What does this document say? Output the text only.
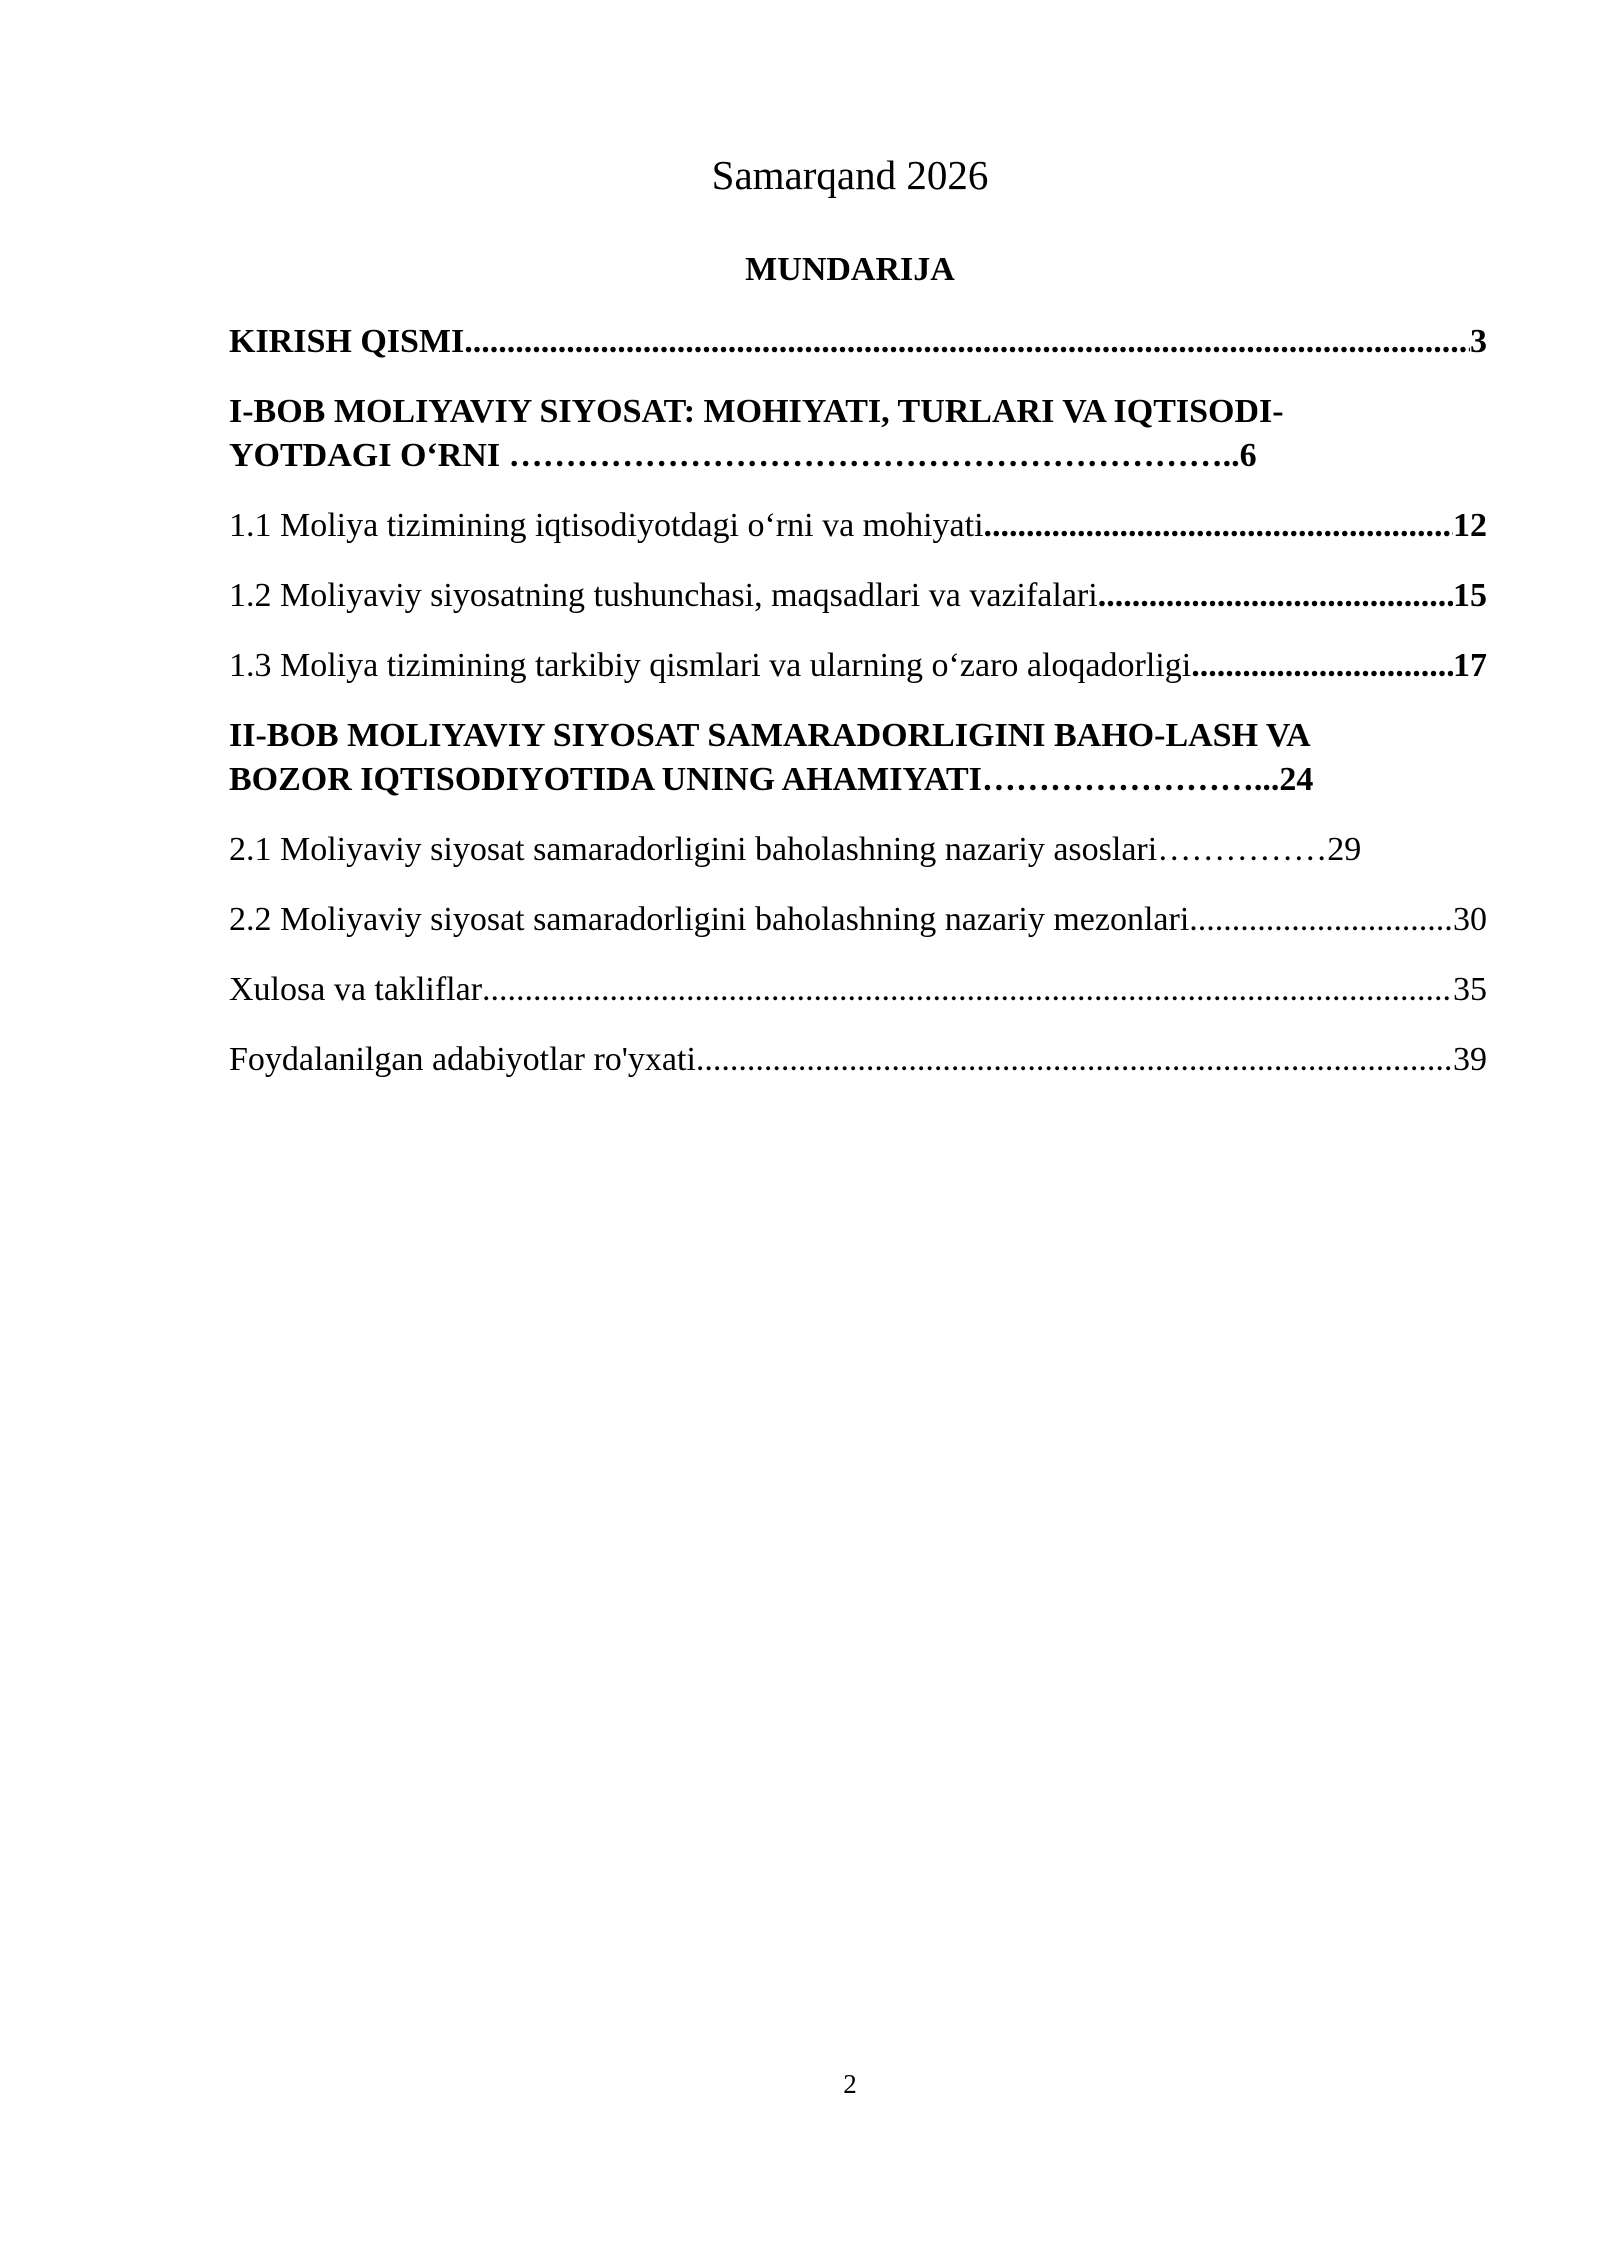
Samarqand 2026
MUNDARIJA
KIRISH QISMI .....	3
I-BOB MOLIYAVIY SIYOSAT: MOHIYATI, TURLARI VA IQTISODI-
YOTDAGI O‘RNI ………………………………………………………..6
1.1 Moliya tizimining iqtisodiyotdagi o‘rni va mohiyati .....	12
1.2 Moliyaviy siyosatning tushunchasi, maqsadlari va vazifalari .....	15
1.3 Moliya tizimining tarkibiy qismlari va ularning o‘zaro aloqadorligi .....	17
II-BOB MOLIYAVIY SIYOSAT SAMARADORLIGINI BAHO-LASH VA
BOZOR IQTISODIYOTIDA UNING AHAMIYATI……………………...24
2.1 Moliyaviy siyosat samaradorligini baholashning nazariy asoslari …………… 29
2.2 Moliyaviy siyosat samaradorligini baholashning nazariy mezonlari .....	30
Xulosa va takliflar .....	35
Foydalanilgan adabiyotlar ro'yxati .....	39
2
